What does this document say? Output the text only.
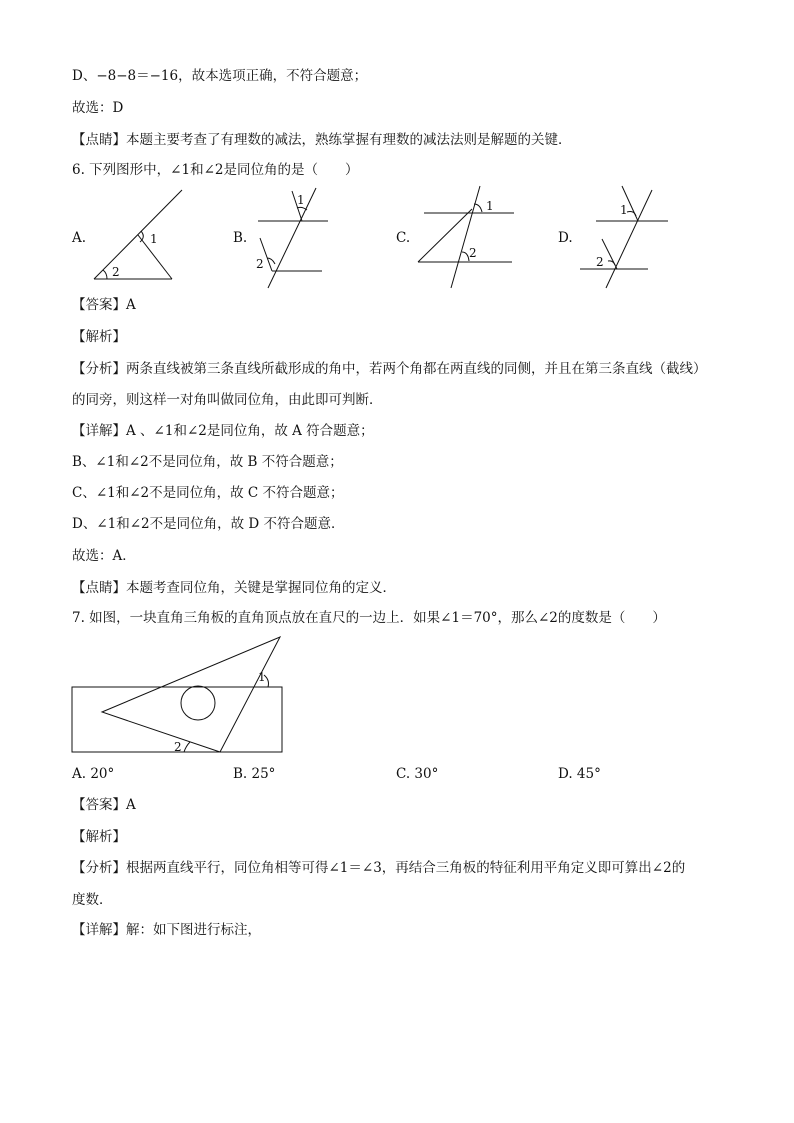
D、−8−8＝−16，故本选项正确，不符合题意；
故选：D
【点睛】本题主要考查了有理数的减法，熟练掌握有理数的减法法则是解题的关键．
6. 下列图形中，∠1和∠2是同位角的是（　　）
A.	B.	C.	D.
1
2
1
2
1
2
1
2
【答案】A
【解析】
【分析】两条直线被第三条直线所截形成的角中，若两个角都在两直线的同侧，并且在第三条直线（截线）
的同旁，则这样一对角叫做同位角，由此即可判断．
【详解】A 、∠1和∠2是同位角，故 A 符合题意；
B、∠1和∠2不是同位角，故 B 不符合题意；
C、∠1和∠2不是同位角，故 C 不符合题意；
D、∠1和∠2不是同位角，故 D 不符合题意．
故选：A．
【点睛】本题考查同位角，关键是掌握同位角的定义．
7. 如图，一块直角三角板的直角顶点放在直尺的一边上．如果∠1＝70°，那么∠2的度数是（　　）
1
2
A. 20°	B. 25°	C. 30°	D. 45°
【答案】A
【解析】
【分析】根据两直线平行，同位角相等可得∠1＝∠3，再结合三角板的特征利用平角定义即可算出∠2的
度数．
【详解】解：如下图进行标注，
